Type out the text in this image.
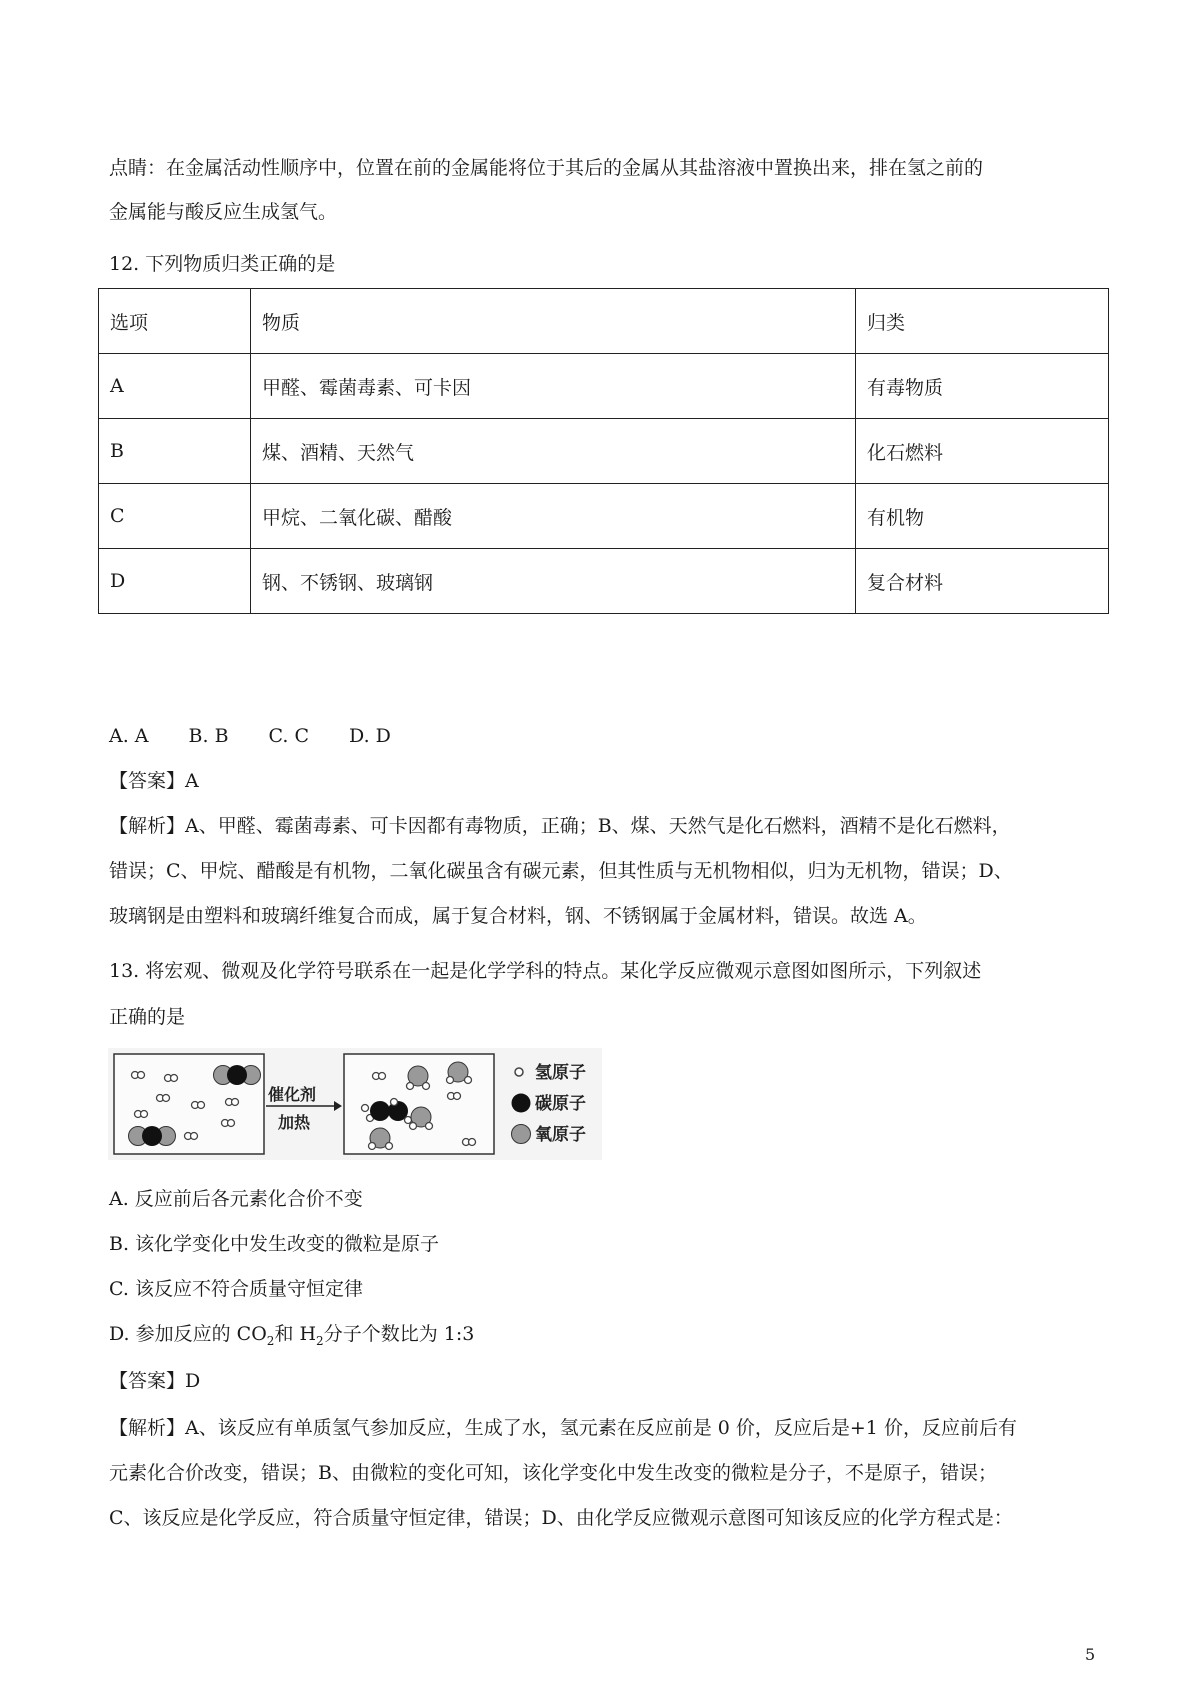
点睛：在金属活动性顺序中，位置在前的金属能将位于其后的金属从其盐溶液中置换出来，排在氢之前的
金属能与酸反应生成氢气。
12. 下列物质归类正确的是
选项	物质	归类
A	甲醛、霉菌毒素、可卡因	有毒物质
B	煤、酒精、天然气	化石燃料
C	甲烷、二氧化碳、醋酸	有机物
D	钢、不锈钢、玻璃钢	复合材料
A. A B. B C. C D. D
【答案】A
【解析】A、甲醛、霉菌毒素、可卡因都有毒物质，正确；B、煤、天然气是化石燃料，酒精不是化石燃料，
错误；C、甲烷、醋酸是有机物，二氧化碳虽含有碳元素，但其性质与无机物相似，归为无机物，错误；D、
玻璃钢是由塑料和玻璃纤维复合而成，属于复合材料，钢、不锈钢属于金属材料，错误。故选 A。
13. 将宏观、微观及化学符号联系在一起是化学学科的特点。某化学反应微观示意图如图所示，下列叙述
正确的是
催化剂
加热
氢原子
碳原子
氧原子
A. 反应前后各元素化合价不变
B. 该化学变化中发生改变的微粒是原子
C. 该反应不符合质量守恒定律
D. 参加反应的 $CO_2$和 $H_2$分子个数比为 1:3
【答案】D
【解析】A、该反应有单质氢气参加反应，生成了水，氢元素在反应前是 0 价，反应后是+1 价，反应前后有
元素化合价改变，错误；B、由微粒的变化可知，该化学变化中发生改变的微粒是分子，不是原子，错误；
C、该反应是化学反应，符合质量守恒定律，错误；D、由化学反应微观示意图可知该反应的化学方程式是：
5
